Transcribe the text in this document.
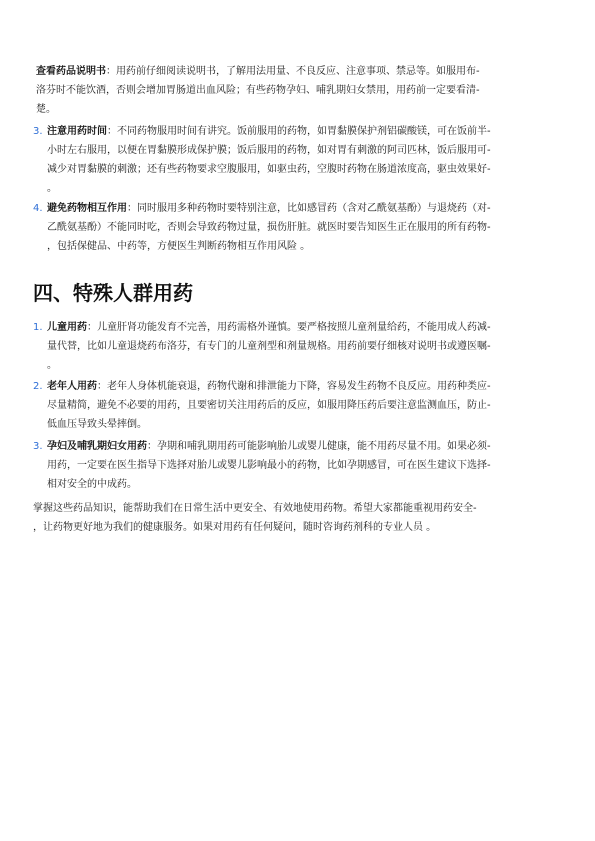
查看药品说明书：用药前仔细阅读说明书，了解用法用量、不良反应、注意事项、禁忌等。如服用布-
洛芬时不能饮酒，否则会增加胃肠道出血风险；有些药物孕妇、哺乳期妇女禁用，用药前一定要看清-
楚。

3. 注意用药时间：不同药物服用时间有讲究。饭前服用的药物，如胃黏膜保护剂铝碳酸镁，可在饭前半-
小时左右服用，以便在胃黏膜形成保护膜；饭后服用的药物，如对胃有刺激的阿司匹林，饭后服用可-
减少对胃黏膜的刺激；还有些药物要求空腹服用，如驱虫药，空腹时药物在肠道浓度高，驱虫效果好-
。

4. 避免药物相互作用：同时服用多种药物时要特别注意，比如感冒药（含对乙酰氨基酚）与退烧药（对-
乙酰氨基酚）不能同时吃，否则会导致药物过量，损伤肝脏。就医时要告知医生正在服用的所有药物-
，包括保健品、中药等，方便医生判断药物相互作用风险 。

四、特殊人群用药
1. 儿童用药：儿童肝肾功能发育不完善，用药需格外谨慎。要严格按照儿童剂量给药，不能用成人药减-
量代替，比如儿童退烧药布洛芬，有专门的儿童剂型和剂量规格。用药前要仔细核对说明书或遵医嘱-
。

2. 老年人用药：老年人身体机能衰退，药物代谢和排泄能力下降，容易发生药物不良反应。用药种类应-
尽量精简，避免不必要的用药，且要密切关注用药后的反应，如服用降压药后要注意监测血压，防止-
低血压导致头晕摔倒。

3. 孕妇及哺乳期妇女用药：孕期和哺乳期用药可能影响胎儿或婴儿健康，能不用药尽量不用。如果必须-
用药，一定要在医生指导下选择对胎儿或婴儿影响最小的药物，比如孕期感冒，可在医生建议下选择-
相对安全的中成药。

掌握这些药品知识，能帮助我们在日常生活中更安全、有效地使用药物。希望大家都能重视用药安全-
，让药物更好地为我们的健康服务。如果对用药有任何疑问，随时咨询药剂科的专业人员 。
